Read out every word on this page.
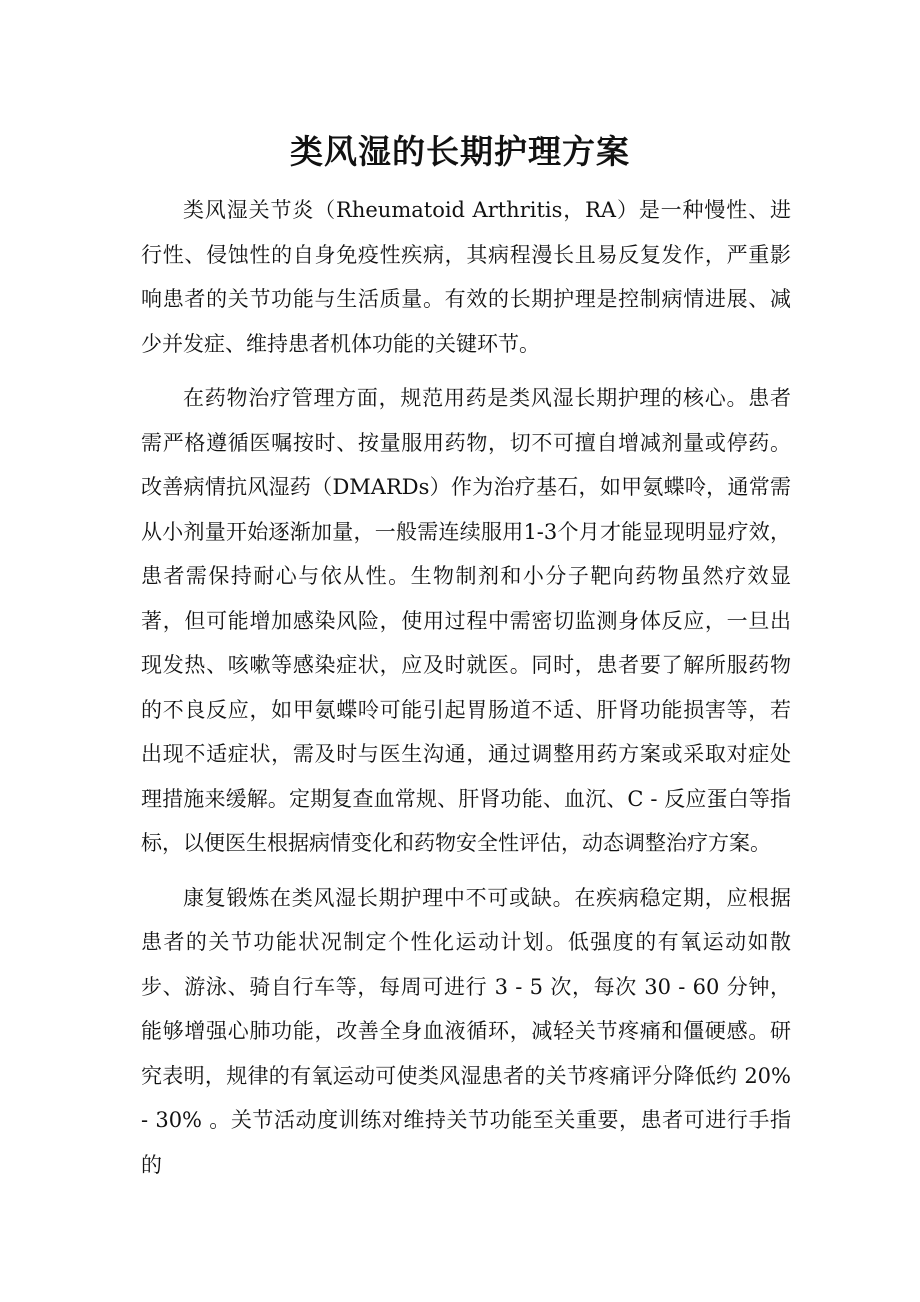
类风湿的长期护理方案

类风湿关节炎（Rheumatoid Arthritis，RA）是一种慢性、进行性、侵蚀性的自身免疫性疾病，其病程漫长且易反复发作，严重影响患者的关节功能与生活质量。有效的长期护理是控制病情进展、减少并发症、维持患者机体功能的关键环节。

在药物治疗管理方面，规范用药是类风湿长期护理的核心。患者需严格遵循医嘱按时、按量服用药物，切不可擅自增减剂量或停药。改善病情抗风湿药（DMARDs）作为治疗基石，如甲氨蝶呤，通常需从小剂量开始逐渐加量，一般需连续服用1-3个月才能显现明显疗效，患者需保持耐心与依从性。生物制剂和小分子靶向药物虽然疗效显著，但可能增加感染风险，使用过程中需密切监测身体反应，一旦出现发热、咳嗽等感染症状，应及时就医。同时，患者要了解所服药物的不良反应，如甲氨蝶呤可能引起胃肠道不适、肝肾功能损害等，若出现不适症状，需及时与医生沟通，通过调整用药方案或采取对症处理措施来缓解。定期复查血常规、肝肾功能、血沉、C - 反应蛋白等指标，以便医生根据病情变化和药物安全性评估，动态调整治疗方案。

康复锻炼在类风湿长期护理中不可或缺。在疾病稳定期，应根据患者的关节功能状况制定个性化运动计划。低强度的有氧运动如散步、游泳、骑自行车等，每周可进行 3 - 5 次，每次 30 - 60 分钟，能够增强心肺功能，改善全身血液循环，减轻关节疼痛和僵硬感。研究表明，规律的有氧运动可使类风湿患者的关节疼痛评分降低约 20% - 30% 。关节活动度训练对维持关节功能至关重要，患者可进行手指的
